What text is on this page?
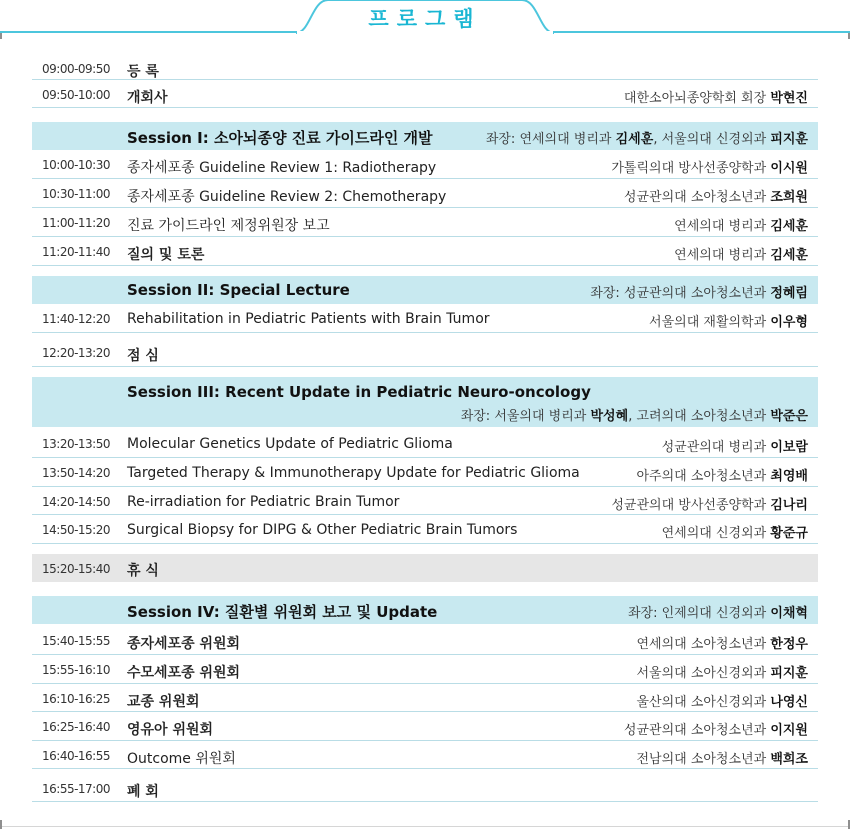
프로그램
09:00-09:50 등 록
09:50-10:00 개회사	대한소아뇌종양학회 회장 박현진
Session I: 소아뇌종양 진료 가이드라인 개발	좌장: 연세의대 병리과 김세훈, 서울의대 신경외과 피지훈
10:00-10:30 종자세포종 Guideline Review 1: Radiotherapy	가톨릭의대 방사선종양학과 이시원
10:30-11:00 종자세포종 Guideline Review 2: Chemotherapy	성균관의대 소아청소년과 조희원
11:00-11:20 진료 가이드라인 제정위원장 보고	연세의대 병리과 김세훈
11:20-11:40 질의 및 토론	연세의대 병리과 김세훈
Session II: Special Lecture	좌장: 성균관의대 소아청소년과 정혜림
11:40-12:20 Rehabilitation in Pediatric Patients with Brain Tumor	서울의대 재활의학과 이우형
12:20-13:20 점 심
Session III: Recent Update in Pediatric Neuro-oncology
좌장: 서울의대 병리과 박성혜, 고려의대 소아청소년과 박준은
13:20-13:50 Molecular Genetics Update of Pediatric Glioma	성균관의대 병리과 이보람
13:50-14:20 Targeted Therapy & Immunotherapy Update for Pediatric Glioma	아주의대 소아청소년과 최영배
14:20-14:50 Re-irradiation for Pediatric Brain Tumor	성균관의대 방사선종양학과 김나리
14:50-15:20 Surgical Biopsy for DIPG & Other Pediatric Brain Tumors	연세의대 신경외과 황준규
15:20-15:40 휴 식
Session IV: 질환별 위원회 보고 및 Update	좌장: 인제의대 신경외과 이채혁
15:40-15:55 종자세포종 위원회	연세의대 소아청소년과 한정우
15:55-16:10 수모세포종 위원회	서울의대 소아신경외과 피지훈
16:10-16:25 교종 위원회	울산의대 소아신경외과 나영신
16:25-16:40 영유아 위원회	성균관의대 소아청소년과 이지원
16:40-16:55 Outcome 위원회	전남의대 소아청소년과 백희조
16:55-17:00 폐 회
